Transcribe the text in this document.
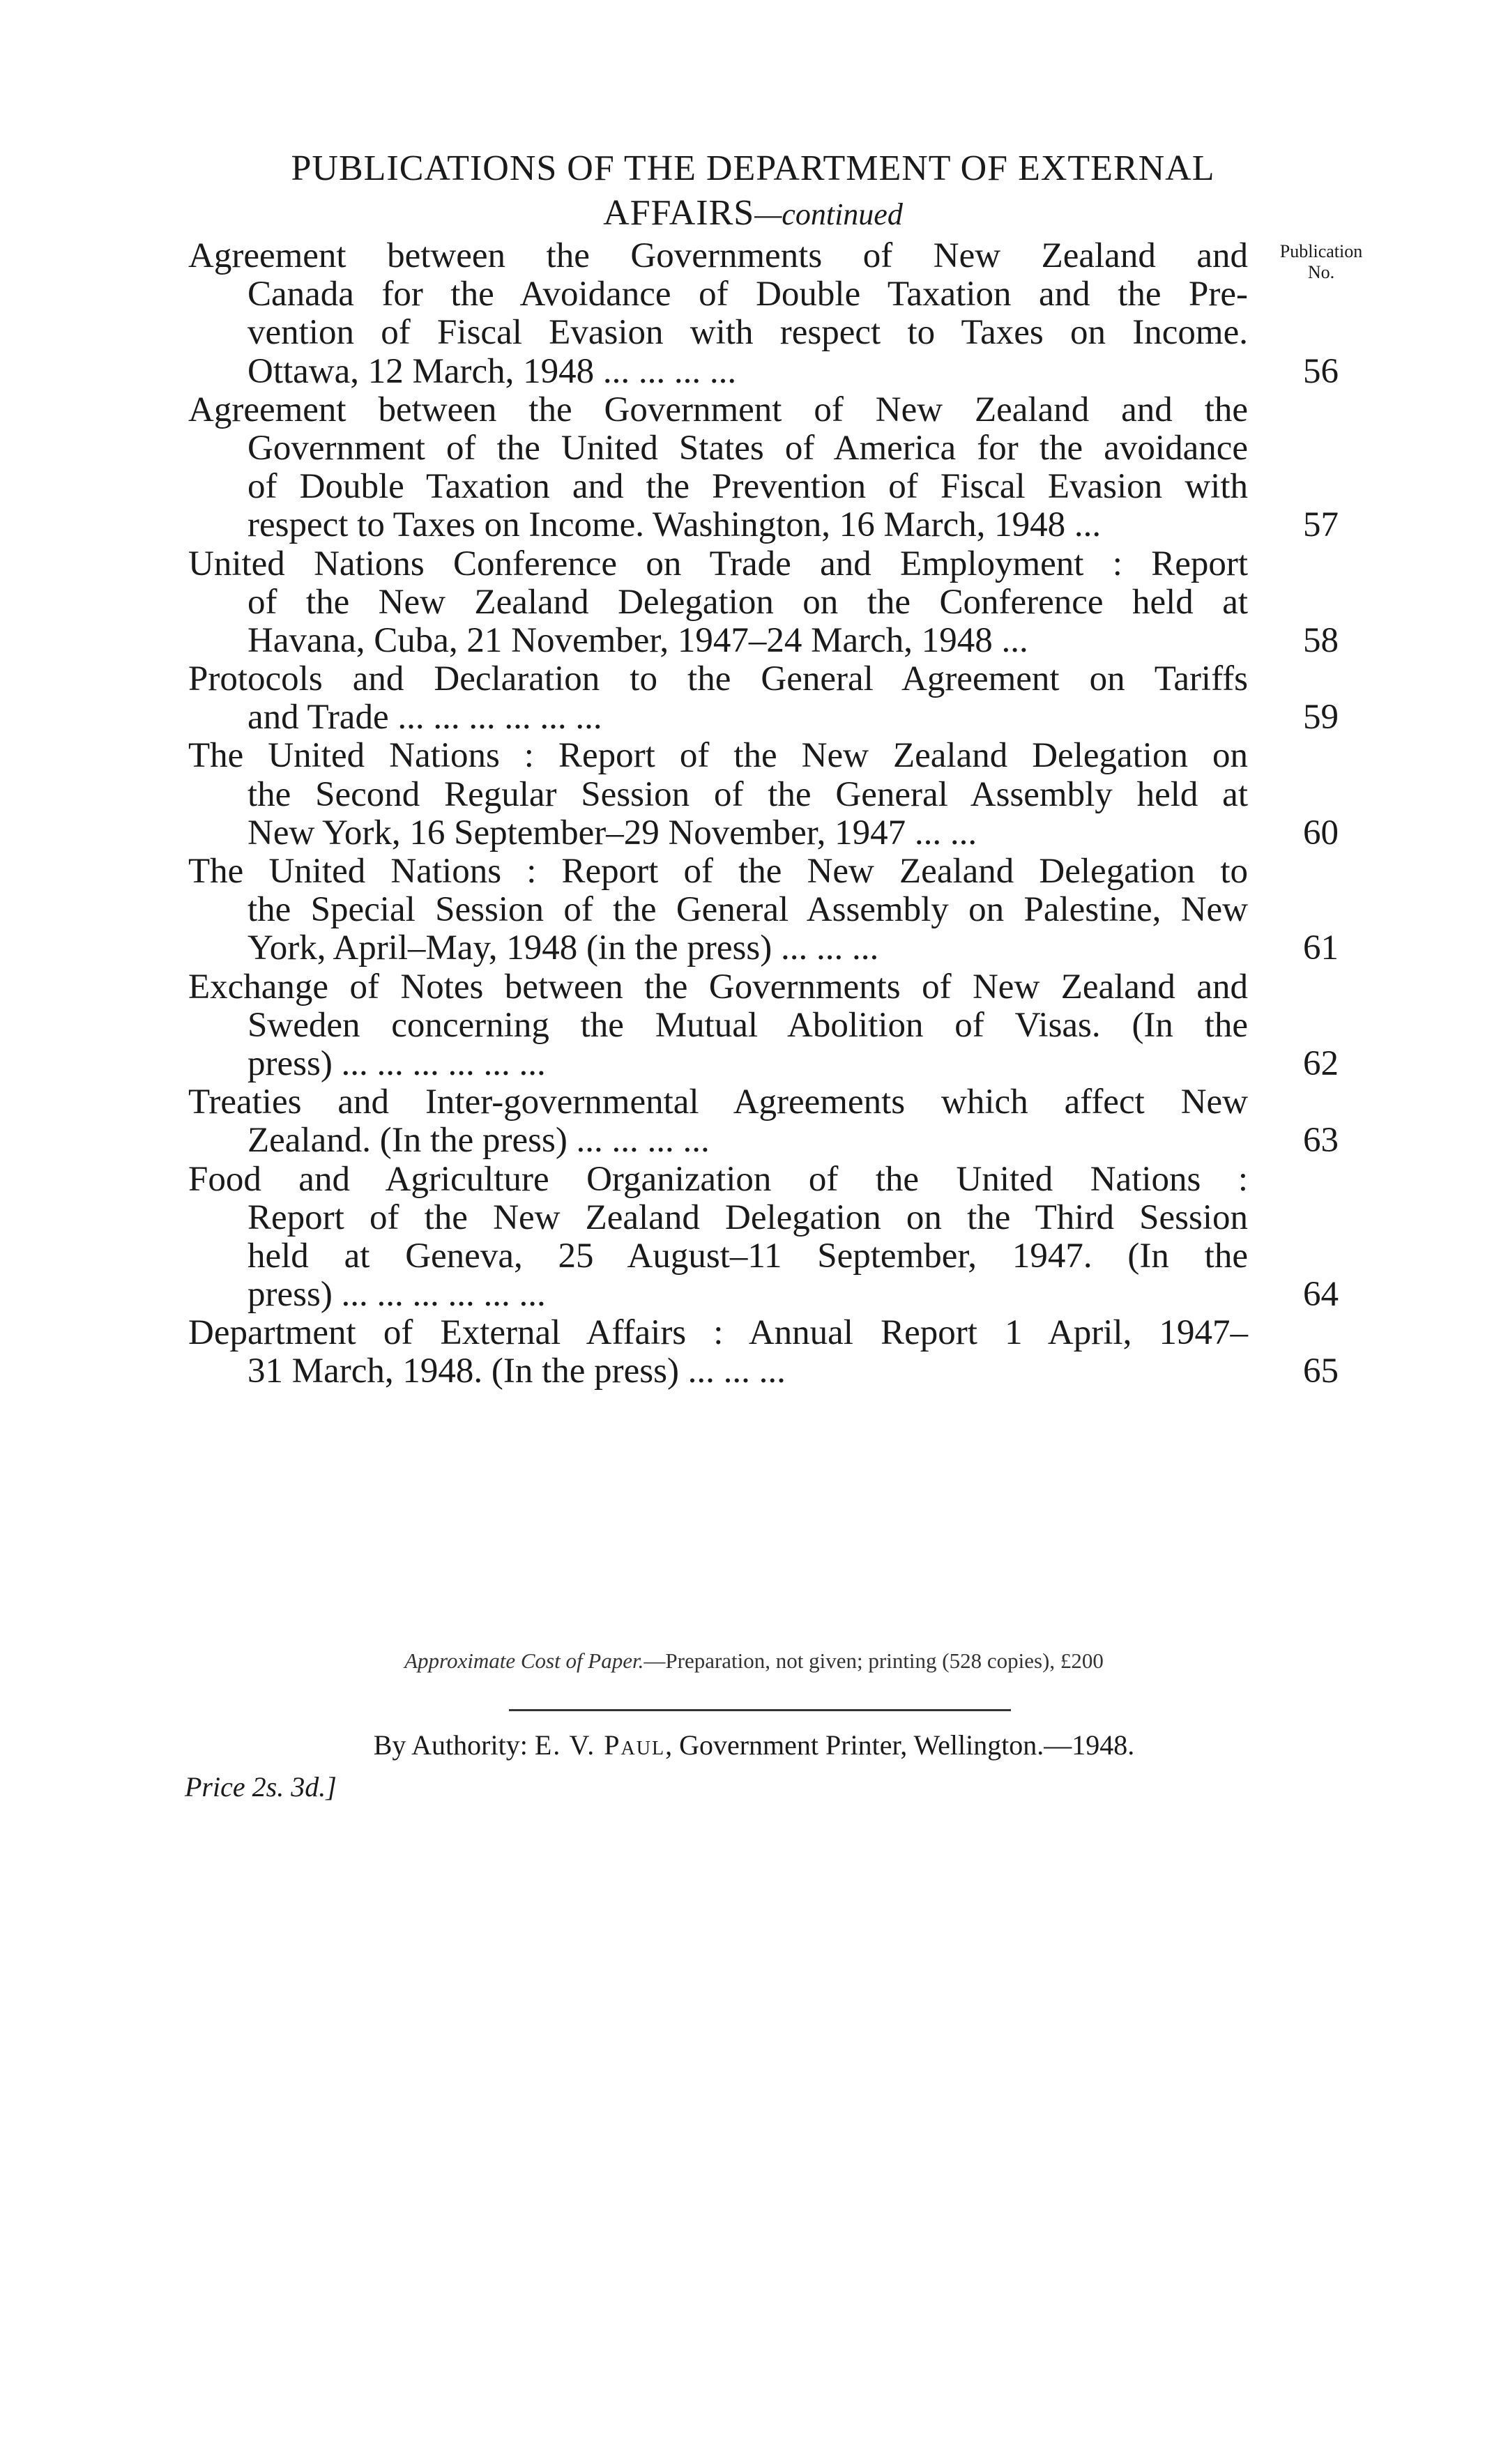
PUBLICATIONS OF THE DEPARTMENT OF EXTERNAL
AFFAIRS—continued
Publication
No.
Agreement between the Governments of New Zealand and
Canada for the Avoidance of Double Taxation and the Pre-
vention of Fiscal Evasion with respect to Taxes on Income.
Ottawa, 12 March, 1948 ... ... ... ...	56
Agreement between the Government of New Zealand and the
Government of the United States of America for the avoidance
of Double Taxation and the Prevention of Fiscal Evasion with
respect to Taxes on Income. Washington, 16 March, 1948 ...	57
United Nations Conference on Trade and Employment : Report
of the New Zealand Delegation on the Conference held at
Havana, Cuba, 21 November, 1947–24 March, 1948 ...	58
Protocols and Declaration to the General Agreement on Tariffs
and Trade ... ... ... ... ... ...	59
The United Nations : Report of the New Zealand Delegation on
the Second Regular Session of the General Assembly held at
New York, 16 September–29 November, 1947 ... ...	60
The United Nations : Report of the New Zealand Delegation to
the Special Session of the General Assembly on Palestine, New
York, April–May, 1948 (in the press) ... ... ...	61
Exchange of Notes between the Governments of New Zealand and
Sweden concerning the Mutual Abolition of Visas. (In the
press) ... ... ... ... ... ...	62
Treaties and Inter-governmental Agreements which affect New
Zealand. (In the press) ... ... ... ...	63
Food and Agriculture Organization of the United Nations :
Report of the New Zealand Delegation on the Third Session
held at Geneva, 25 August–11 September, 1947. (In the
press) ... ... ... ... ... ...	64
Department of External Affairs : Annual Report 1 April, 1947–
31 March, 1948. (In the press) ... ... ...	65
Approximate Cost of Paper.—Preparation, not given; printing (528 copies), £200
By Authority: E. V. Paul, Government Printer, Wellington.—1948.
Price 2s. 3d.]
